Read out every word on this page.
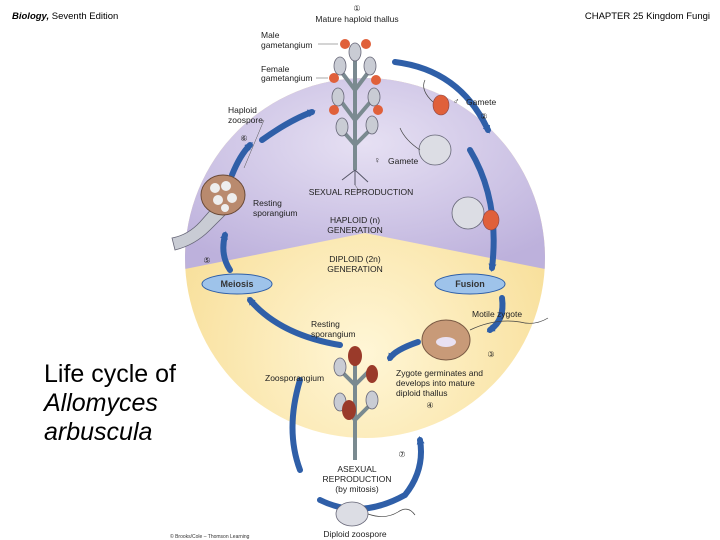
Biology, Seventh Edition	CHAPTER 25 Kingdom Fungi
Meiosis	Fusion
Mature haploid thallus
①
Male
gametangium
Female
gametangium
Haploid
zoospore
⑥
♂ Gamete
②
♀ Gamete
SEXUAL REPRODUCTION
Resting
sporangium
HAPLOID (n)
GENERATION
DIPLOID (2n)
GENERATION
⑤
Motile zygote
Resting
sporangium
③
Zoosporangium	Zygote germinates and
develops into mature
diploid thallus
④
⑦
ASEXUAL
REPRODUCTION
(by mitosis)
Diploid zoospore
© Brooks/Cole – Thomson Learning
Life cycle of
Allomyces
arbuscula
